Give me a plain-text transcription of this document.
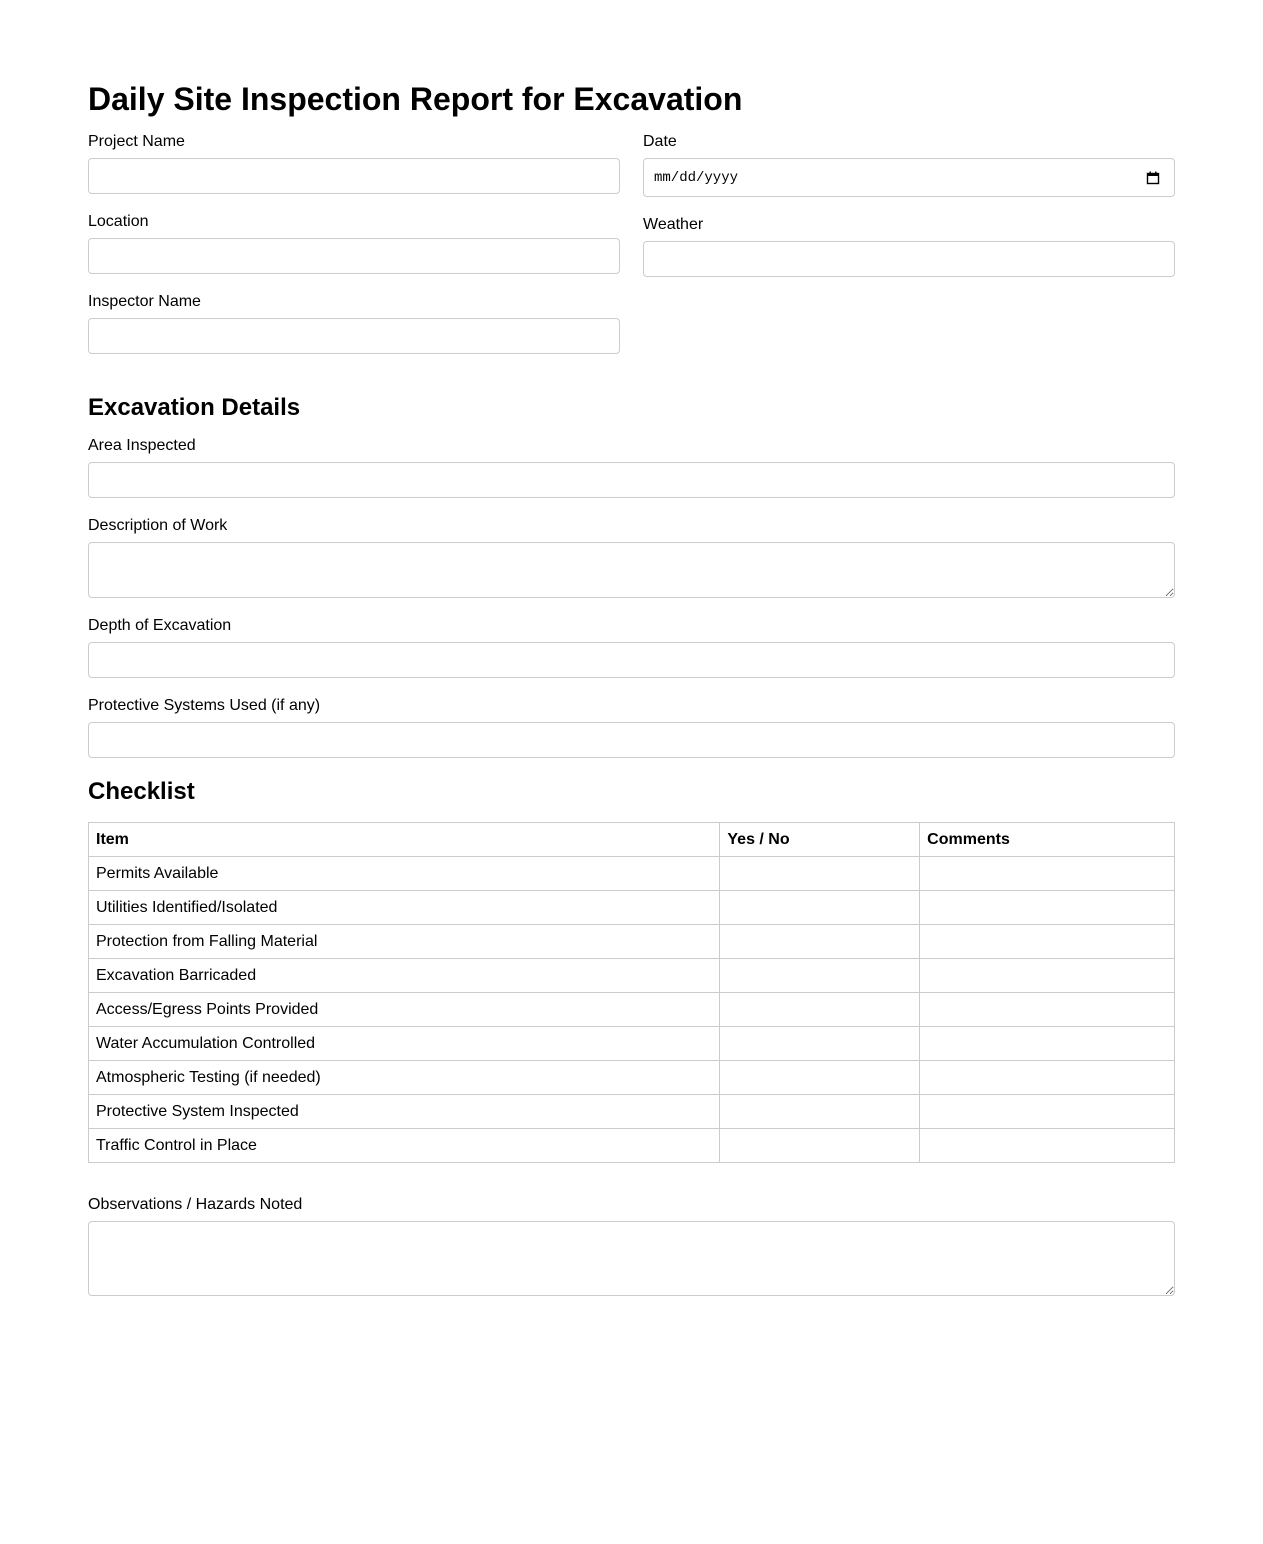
Daily Site Inspection Report for Excavation
Project Name
Location
Inspector Name
Date
mm/dd/yyyy
Weather
Excavation Details
Area Inspected
Description of Work
Depth of Excavation
Protective Systems Used (if any)
Checklist
Item	Yes / No	Comments
Permits Available		
Utilities Identified/Isolated		
Protection from Falling Material		
Excavation Barricaded		
Access/Egress Points Provided		
Water Accumulation Controlled		
Atmospheric Testing (if needed)		
Protective System Inspected		
Traffic Control in Place		
Observations / Hazards Noted
